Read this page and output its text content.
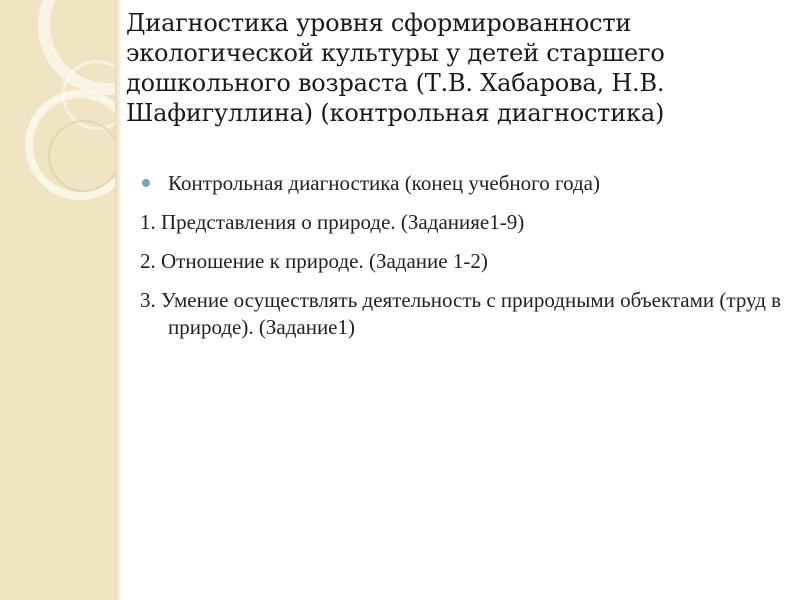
Диагностика уровня сформированности экологической культуры у детей старшего дошкольного возраста (Т.В. Хабарова, Н.В. Шафигуллина) (контрольная диагностика)

Контрольная диагностика (конец учебного года)

1. Представления о природе. (Заданияе1-9)

2. Отношение к природе. (Задание 1-2)

3. Умение осуществлять деятельность с природными объектами (труд в природе). (Задание1)
